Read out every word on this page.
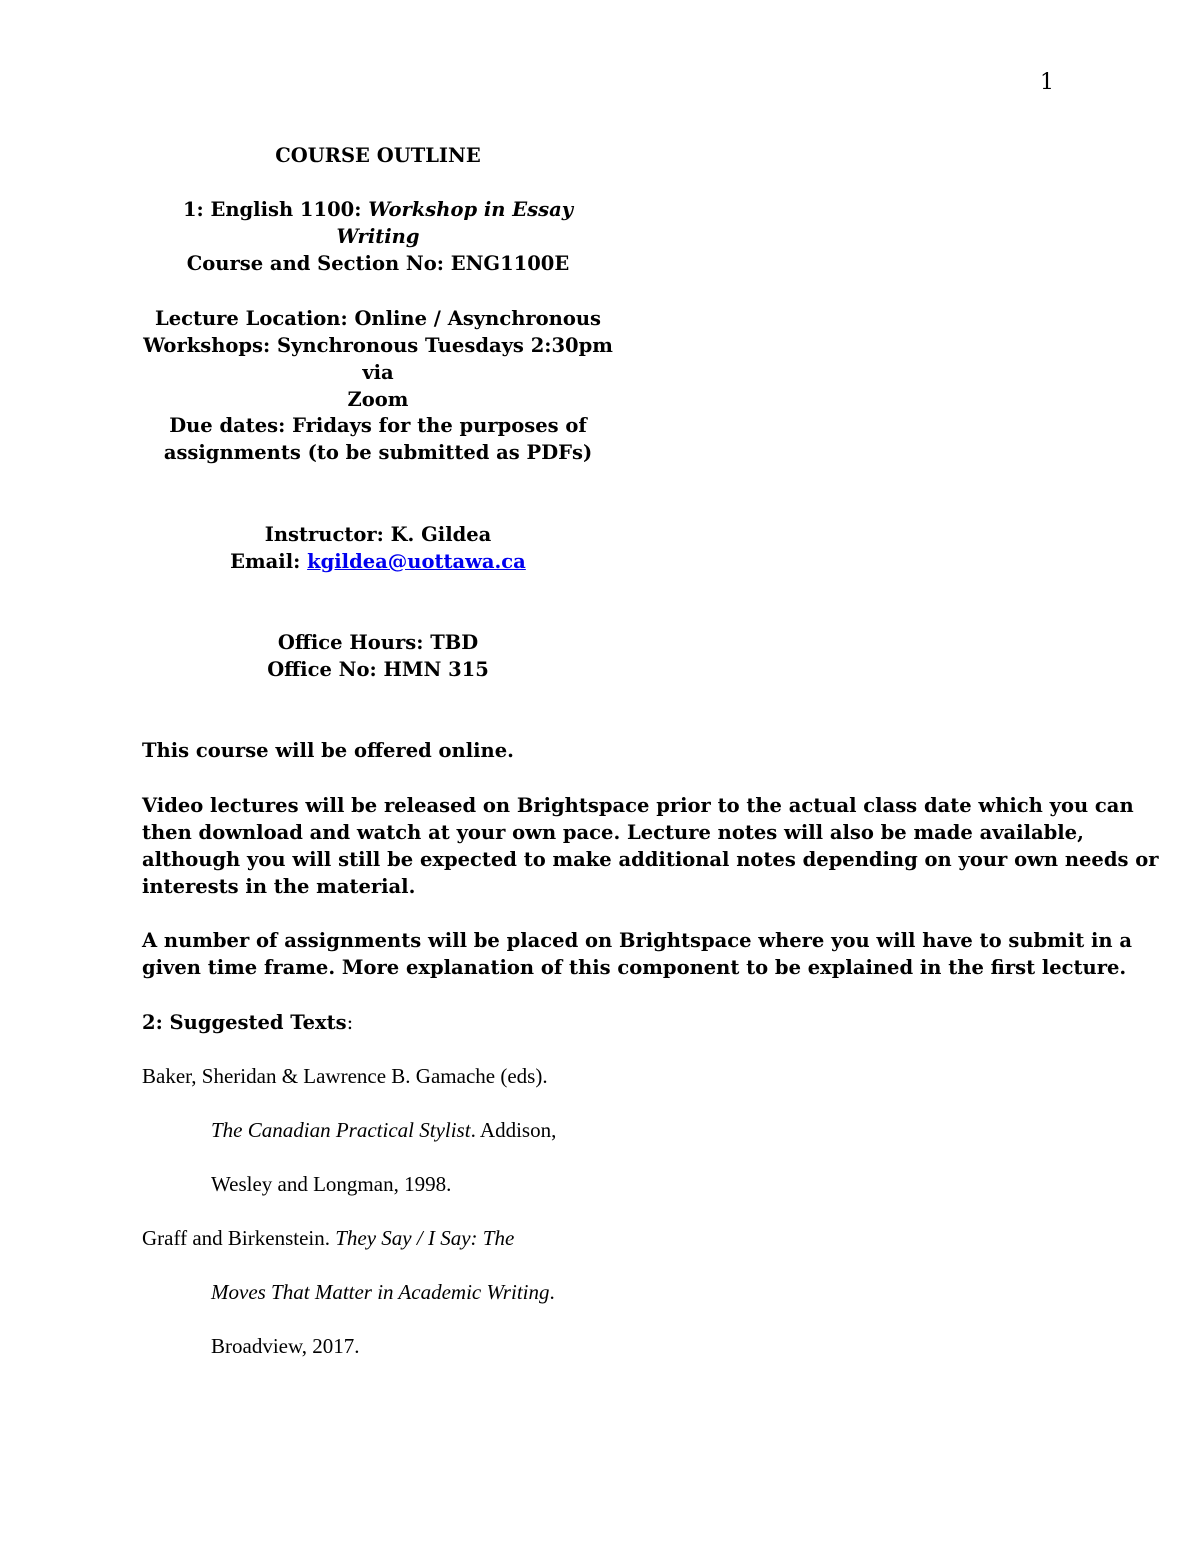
1
COURSE OUTLINE
1: English 1100: Workshop in Essay Writing
Course and Section No: ENG1100E
Lecture Location: Online / Asynchronous
Workshops: Synchronous Tuesdays 2:30pm via
Zoom
Due dates: Fridays for the purposes of
assignments (to be submitted as PDFs)
Instructor: K. Gildea
Email: kgildea@uottawa.ca
Office Hours: TBD
Office No: HMN 315
This course will be offered online.
Video lectures will be released on Brightspace prior to the actual class date which you can
then download and watch at your own pace. Lecture notes will also be made available,
although you will still be expected to make additional notes depending on your own needs or
interests in the material.
A number of assignments will be placed on Brightspace where you will have to submit in a
given time frame. More explanation of this component to be explained in the first lecture.
2: Suggested Texts:
Baker, Sheridan & Lawrence B. Gamache (eds).
The Canadian Practical Stylist. Addison,
Wesley and Longman, 1998.
Graff and Birkenstein. They Say / I Say: The
Moves That Matter in Academic Writing.
Broadview, 2017.
